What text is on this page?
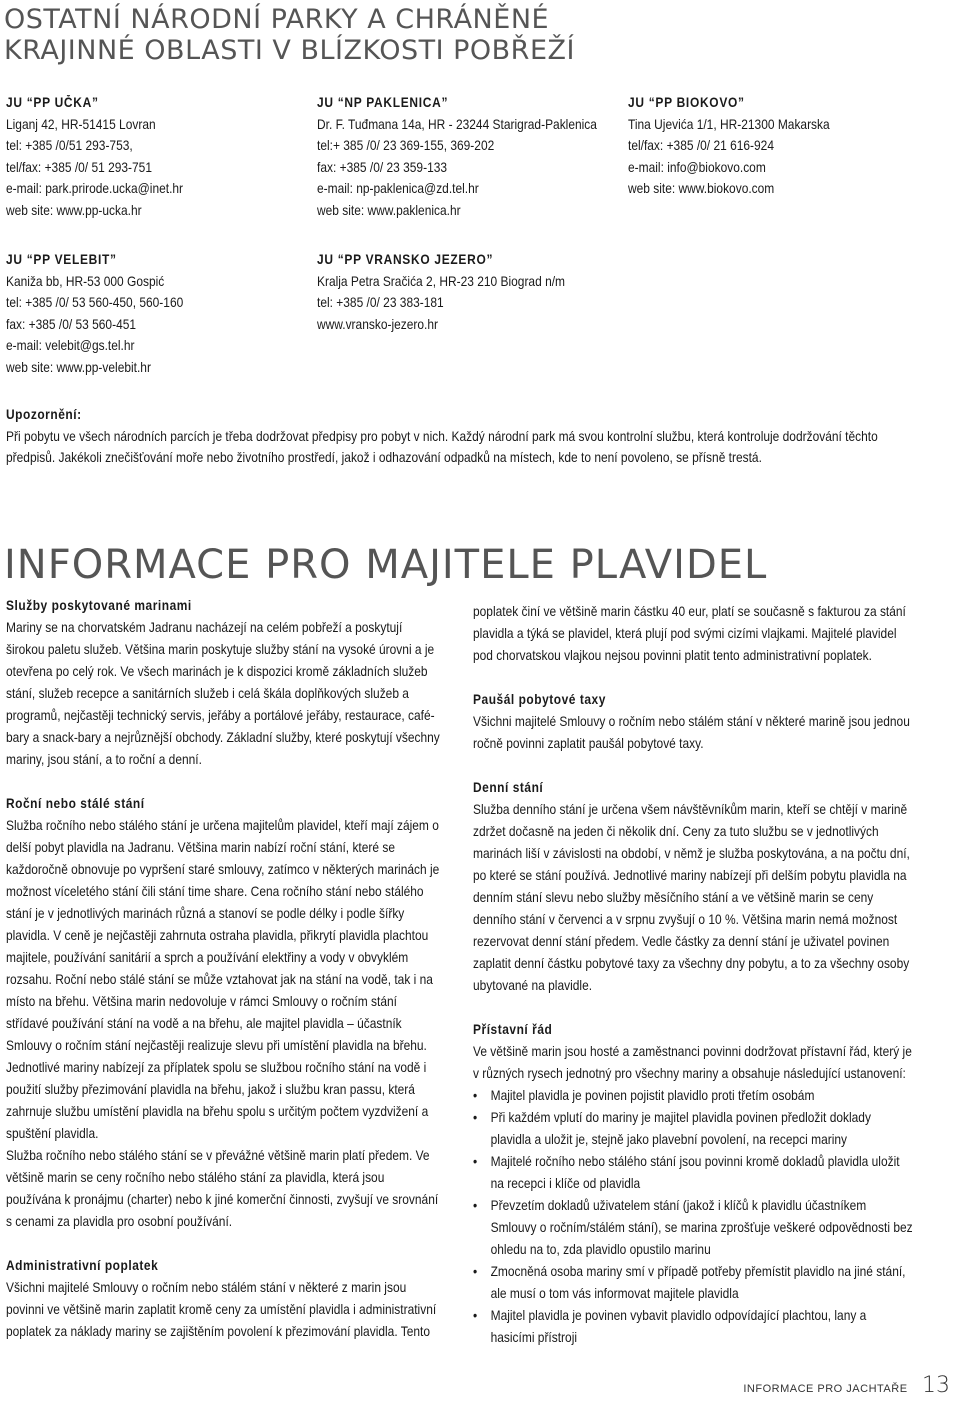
OSTATNÍ NÁRODNÍ PARKY A CHRÁNĚNÉ KRAJINNÉ OBLASTI V BLÍZKOSTI POBŘEŽÍ
JU “PP UČKA”
Liganj 42, HR-51415 Lovran
tel: +385 /0/51 293-753,
tel/fax: +385 /0/ 51 293-751
e-mail: park.prirode.ucka@inet.hr
web site: www.pp-ucka.hr
JU “NP PAKLENICA”
Dr. F. Tuđmana 14a, HR - 23244 Starigrad-Paklenica
tel:+ 385 /0/ 23 369-155, 369-202
fax: +385 /0/ 23 359-133
e-mail: np-paklenica@zd.tel.hr
web site: www.paklenica.hr
JU “PP BIOKOVO”
Tina Ujevića 1/1, HR-21300 Makarska
tel/fax: +385 /0/ 21 616-924
e-mail: info@biokovo.com
web site: www.biokovo.com
JU “PP VELEBIT”
Kaniža bb, HR-53 000 Gospić
tel: +385 /0/ 53 560-450, 560-160
fax: +385 /0/ 53 560-451
e-mail: velebit@gs.tel.hr
web site: www.pp-velebit.hr
JU “PP VRANSKO JEZERO”
Kralja Petra Sračića 2, HR-23 210 Biograd n/m
tel: +385 /0/ 23 383-181
www.vransko-jezero.hr
Upozornění:
Při pobytu ve všech národních parcích je třeba dodržovat předpisy pro pobyt v nich. Každý národní park má svou kontrolní službu, která kontroluje dodržování těchto předpisů. Jakékoli znečišťování moře nebo životního prostředí, jakož i odhazování odpadků na místech, kde to není povoleno, se přísně trestá.
INFORMACE PRO MAJITELE PLAVIDEL
Služby poskytované marinami

Mariny se na chorvatském Jadranu nacházejí na celém pobřeží a poskytují širokou paletu služeb. Většina marin poskytuje služby stání na vysoké úrovni a je otevřena po celý rok. Ve všech marinách je k dispozici kromě základních služeb stání, služeb recepce a sanitárních služeb i celá škála doplňkových služeb a programů, nejčastěji technický servis, jeřáby a portálové jeřáby, restaurace, café-bary a snack-bary a nejrůznější obchody. Základní služby, které poskytují všechny mariny, jsou stání, a to roční a denní.

Roční nebo stálé stání

Služba ročního nebo stálého stání je určena majitelům plavidel, kteří mají zájem o delší pobyt plavidla na Jadranu. Většina marin nabízí roční stání, které se každoročně obnovuje po vypršení staré smlouvy, zatímco v některých marinách je možnost víceletého stání čili stání time share. Cena ročního stání nebo stálého stání je v jednotlivých marinách různá a stanoví se podle délky i podle šířky plavidla. V ceně je nejčastěji zahrnuta ostraha plavidla, přikrytí plavidla plachtou majitele, používání sanitárií a sprch a používání elektřiny a vody v obvyklém rozsahu. Roční nebo stálé stání se může vztahovat jak na stání na vodě, tak i na místo na břehu. Většina marin nedovoluje v rámci Smlouvy o ročním stání střídavé používání stání na vodě a na břehu, ale majitel plavidla – účastník Smlouvy o ročním stání nejčastěji realizuje slevu při umístění plavidla na břehu. Jednotlivé mariny nabízejí za příplatek spolu se službou ročního stání na vodě i použití služby přezimování plavidla na břehu, jakož i službu kran passu, která zahrnuje službu umístění plavidla na břehu spolu s určitým počtem vyzdvižení a spuštění plavidla.

Služba ročního nebo stálého stání se v převážné většině marin platí předem. Ve většině marin se ceny ročního nebo stálého stání za plavidla, která jsou používána k pronájmu (charter) nebo k jiné komerční činnosti, zvyšují ve srovnání s cenami za plavidla pro osobní používání.

Administrativní poplatek

Všichni majitelé Smlouvy o ročním nebo stálém stání v některé z marin jsou povinni ve většině marin zaplatit kromě ceny za umístění plavidla i administrativní poplatek za náklady mariny se zajištěním povolení k přezimování plavidla. Tento

poplatek činí ve většině marin částku 40 eur, platí se současně s fakturou za stání plavidla a týká se plavidel, která plují pod svými cizími vlajkami. Majitelé plavidel pod chorvatskou vlajkou nejsou povinni platit tento administrativní poplatek.

Paušál pobytové taxy

Všichni majitelé Smlouvy o ročním nebo stálém stání v některé marině jsou jednou ročně povinni zaplatit paušál pobytové taxy.

Denní stání

Služba denního stání je určena všem návštěvníkům marin, kteří se chtějí v marině zdržet dočasně na jeden či několik dní. Ceny za tuto službu se v jednotlivých marinách liší v závislosti na období, v němž je služba poskytována, a na počtu dní, po které se stání používá. Jednotlivé mariny nabízejí při delším pobytu plavidla na denním stání slevu nebo služby měsíčního stání a ve většině marin se ceny denního stání v červenci a v srpnu zvyšují o 10 %. Většina marin nemá možnost rezervovat denní stání předem. Vedle částky za denní stání je uživatel povinen zaplatit denní částku pobytové taxy za všechny dny pobytu, a to za všechny osoby ubytované na plavidle.

Přístavní řád

Ve většině marin jsou hosté a zaměstnanci povinni dodržovat přístavní řád, který je v různých rysech jednotný pro všechny mariny a obsahuje následující ustanovení:

• Majitel plavidla je povinen pojistit plavidlo proti třetím osobám
• Při každém vplutí do mariny je majitel plavidla povinen předložit doklady plavidla a uložit je, stejně jako plavební povolení, na recepci mariny
• Majitelé ročního nebo stálého stání jsou povinni kromě dokladů plavidla uložit na recepci i klíče od plavidla
• Převzetím dokladů uživatelem stání (jakož i klíčů k plavidlu účastníkem Smlouvy o ročním/stálém stání), se marina zprošťuje veškeré odpovědnosti bez ohledu na to, zda plavidlo opustilo marinu
• Zmocněná osoba mariny smí v případě potřeby přemístit plavidlo na jiné stání, ale musí o tom vás informovat majitele plavidla
• Majitel plavidla je povinen vybavit plavidlo odpovídající plachtou, lany a hasicími přístroji
INFORMACE PRO JACHTAŘE 13
